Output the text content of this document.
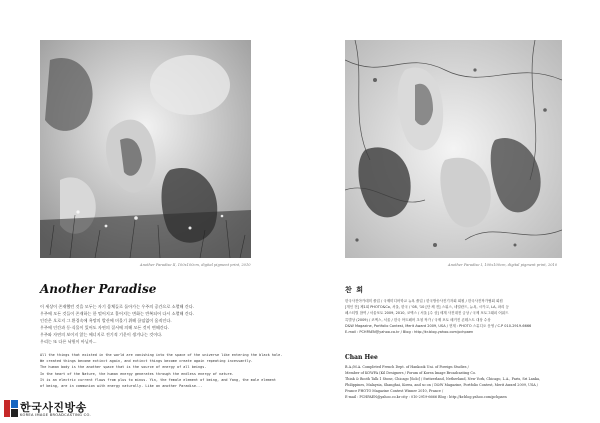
Another Paradise II, 100x100cm, digital pigment print, 2010	Another Paradise I, 100x100cm, digital pigment print, 2010
Another Paradise
이 세상이 존재했던 것을 모두는 자기 몸체들로 돌아가는 우주의 공간으로 소멸해 간다.
우주에 모든 것들이 존재하는 한 떨어지고 흩어지는 변화는 반복되어 다시 소멸해 간다.
인간은 오로지 그 환경속에 욕망의 발산에 머물기 위해 끊임없이 움직인다.
우주에 인간과 동·식물이 있어도 자연의 질서에 의해 모든 것이 변해간다.
우주와 자연의 보이지 않는 에너지로 전기적 기운이 생겨나는 것이다.
우리는 또 다른 낙원이 아닐까...
All the things that existed in the world are vanishing into the space of the universe like entering the black hole.
We created things become extinct again, and extinct things become create again repeating incessantly.
The human body is the another space that is the source of energy of all beings.
In the heart of the Nature, the human energy generates through the endless energy of nature.
It is an electric current flows from plus to minus. Yin, the female element of being, and Yang, the male element
of being, are in communion with energy naturally. Like an another Paradise...
찬 희
한국사진아카데미 졸업 / 국제미디어학교 뉴욕 졸업 / 한국방송사진기자회 회원 / 한국사진작가협회 회원
[개인 전] 제1회 PHOTO&Co, 서울, 한국 / '08, '10 [단 체 전] 스위스, 네덜란드, 뉴욕, 시카고, LA, 파리 등
페스티벌 참여 / 서울포토 2009, 2010, 코엑스 / 서울 [수 상] 세계 사진대전 금상 / 국제 포토그래피 어워드
특별상 (2009) / 코엑스, 서울 / 한국 아트페어 초청 작가 / 국제 포토 매거진 콘테스트 대상 수상
D&W Magazine, Portfolio Contest, Merit Award 2009, USA / 현재 : PHOTO 스튜디오 운영 / C.P 010-2919-6666
E-mail : PCHPAEN@yahoo.co.kr / Blog : http://kr.blog.yahoo.com/pchpaen
Chan Hee
B.A./M.A. Completed French Dept. of Hankook Uni. of Foreign Studies /
Member of KOWPA (Kil Designers / Forum of Korea Image Broadcasting Co.
Think & Booth Talk 1 Stone, Chicago [Solo] / Switzerland, Netherland, New York, Chicago, L.A., Paris, Sri Lanka,
Philippines, Malaysia, Shanghai, Korea, and so on / D&W Magazine, Portfolio Contest, Merit Award 2009, USA /
France PHOTO Magazine Contest Winner 2010, France /
E-mail : PCHPAEN@yahoo.co.kr city : 010-2919-6666 Blog : http://kr.blog.yahoo.com/pchpaen
한국사진방송
KOREA IMAGE BROADCASTING CO.
